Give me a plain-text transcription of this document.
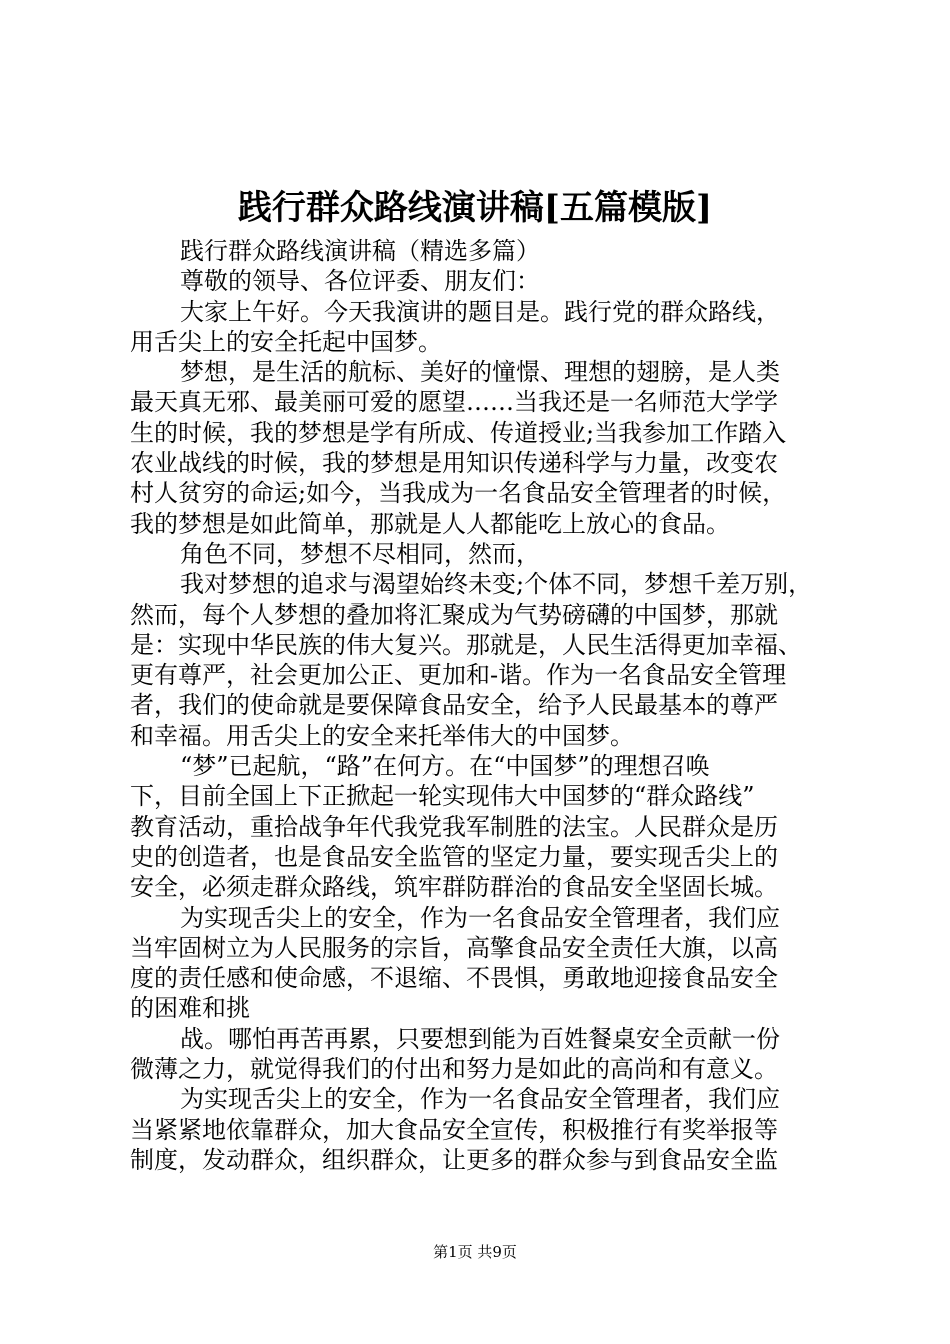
践行群众路线演讲稿[五篇模版]
践行群众路线演讲稿（精选多篇）
尊敬的领导、各位评委、朋友们：
大家上午好。今天我演讲的题目是。践行党的群众路线，
用舌尖上的安全托起中国梦。
梦想，是生活的航标、美好的憧憬、理想的翅膀，是人类
最天真无邪、最美丽可爱的愿望……当我还是一名师范大学学
生的时候，我的梦想是学有所成、传道授业;当我参加工作踏入
农业战线的时候，我的梦想是用知识传递科学与力量，改变农
村人贫穷的命运;如今，当我成为一名食品安全管理者的时候，
我的梦想是如此简单，那就是人人都能吃上放心的食品。
角色不同，梦想不尽相同，然而，
我对梦想的追求与渴望始终未变;个体不同，梦想千差万别，
然而，每个人梦想的叠加将汇聚成为气势磅礴的中国梦，那就
是：实现中华民族的伟大复兴。那就是，人民生活得更加幸福、
更有尊严，社会更加公正、更加和-谐。作为一名食品安全管理
者，我们的使命就是要保障食品安全，给予人民最基本的尊严
和幸福。用舌尖上的安全来托举伟大的中国梦。
“梦”已起航，“路”在何方。在“中国梦”的理想召唤
下，目前全国上下正掀起一轮实现伟大中国梦的“群众路线”
教育活动，重拾战争年代我党我军制胜的法宝。人民群众是历
史的创造者，也是食品安全监管的坚定力量，要实现舌尖上的
安全，必须走群众路线，筑牢群防群治的食品安全坚固长城。
为实现舌尖上的安全，作为一名食品安全管理者，我们应
当牢固树立为人民服务的宗旨，高擎食品安全责任大旗，以高
度的责任感和使命感，不退缩、不畏惧，勇敢地迎接食品安全
的困难和挑
战。哪怕再苦再累，只要想到能为百姓餐桌安全贡献一份
微薄之力，就觉得我们的付出和努力是如此的高尚和有意义。
为实现舌尖上的安全，作为一名食品安全管理者，我们应
当紧紧地依靠群众，加大食品安全宣传，积极推行有奖举报等
制度，发动群众，组织群众，让更多的群众参与到食品安全监
第1页 共9页
